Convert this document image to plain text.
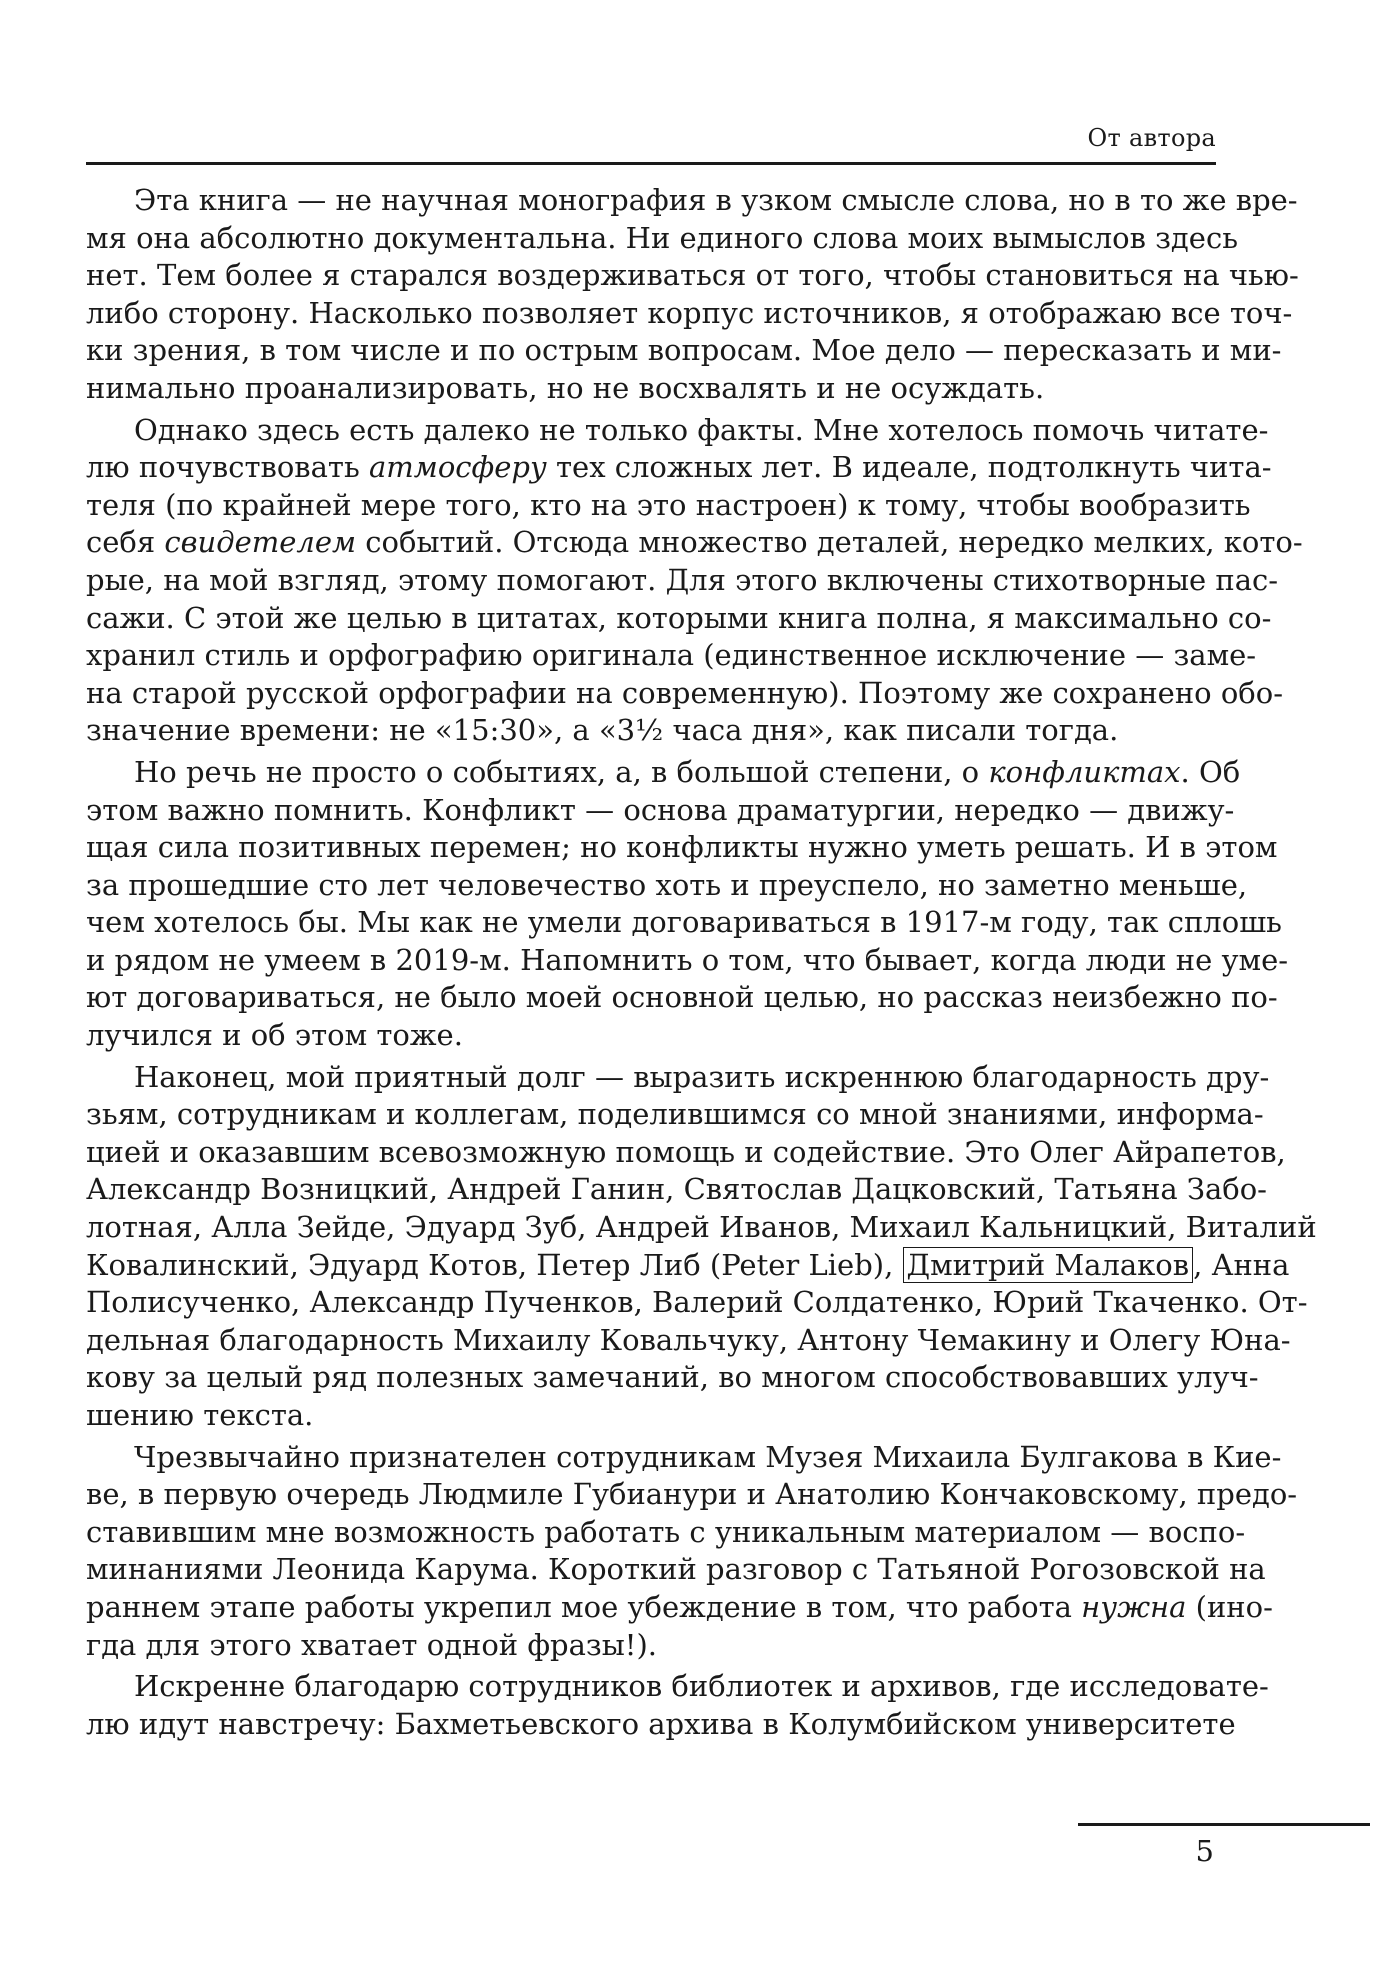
От автора
Эта книга — не научная монография в узком смысле слова, но в то же вре-
мя она абсолютно документальна. Ни единого слова моих вымыслов здесь
нет. Тем более я старался воздерживаться от того, чтобы становиться на чью-
либо сторону. Насколько позволяет корпус источников, я отображаю все точ-
ки зрения, в том числе и по острым вопросам. Мое дело — пересказать и ми-
нимально проанализировать, но не восхвалять и не осуждать.
Однако здесь есть далеко не только факты. Мне хотелось помочь читате-
лю почувствовать атмосферу тех сложных лет. В идеале, подтолкнуть чита-
теля (по крайней мере того, кто на это настроен) к тому, чтобы вообразить
себя свидетелем событий. Отсюда множество деталей, нередко мелких, кото-
рые, на мой взгляд, этому помогают. Для этого включены стихотворные пас-
сажи. С этой же целью в цитатах, которыми книга полна, я максимально со-
хранил стиль и орфографию оригинала (единственное исключение — заме-
на старой русской орфографии на современную). Поэтому же сохранено обо-
значение времени: не «15:30», а «3½ часа дня», как писали тогда.
Но речь не просто о событиях, а, в большой степени, о конфликтах. Об
этом важно помнить. Конфликт — основа драматургии, нередко — движу-
щая сила позитивных перемен; но конфликты нужно уметь решать. И в этом
за прошедшие сто лет человечество хоть и преуспело, но заметно меньше,
чем хотелось бы. Мы как не умели договариваться в 1917-м году, так сплошь
и рядом не умеем в 2019-м. Напомнить о том, что бывает, когда люди не уме-
ют договариваться, не было моей основной целью, но рассказ неизбежно по-
лучился и об этом тоже.
Наконец, мой приятный долг — выразить искреннюю благодарность дру-
зьям, сотрудникам и коллегам, поделившимся со мной знаниями, информа-
цией и оказавшим всевозможную помощь и содействие. Это Олег Айрапетов,
Александр Возницкий, Андрей Ганин, Святослав Дацковский, Татьяна Забо-
лотная, Алла Зейде, Эдуард Зуб, Андрей Иванов, Михаил Кальницкий, Виталий
Ковалинский, Эдуард Котов, Петер Либ (Peter Lieb), Дмитрий Малаков , Анна
Полисученко, Александр Пученков, Валерий Солдатенко, Юрий Ткаченко. От-
дельная благодарность Михаилу Ковальчуку, Антону Чемакину и Олегу Юна-
кову за целый ряд полезных замечаний, во многом способствовавших улуч-
шению текста.
Чрезвычайно признателен сотрудникам Музея Михаила Булгакова в Кие-
ве, в первую очередь Людмиле Губианури и Анатолию Кончаковскому, предо-
ставившим мне возможность работать с уникальным материалом — воспо-
минаниями Леонида Карума. Короткий разговор с Татьяной Рогозовской на
раннем этапе работы укрепил мое убеждение в том, что работа нужна (ино-
гда для этого хватает одной фразы!).
Искренне благодарю сотрудников библиотек и архивов, где исследовате-
лю идут навстречу: Бахметьевского архива в Колумбийском университете
5
